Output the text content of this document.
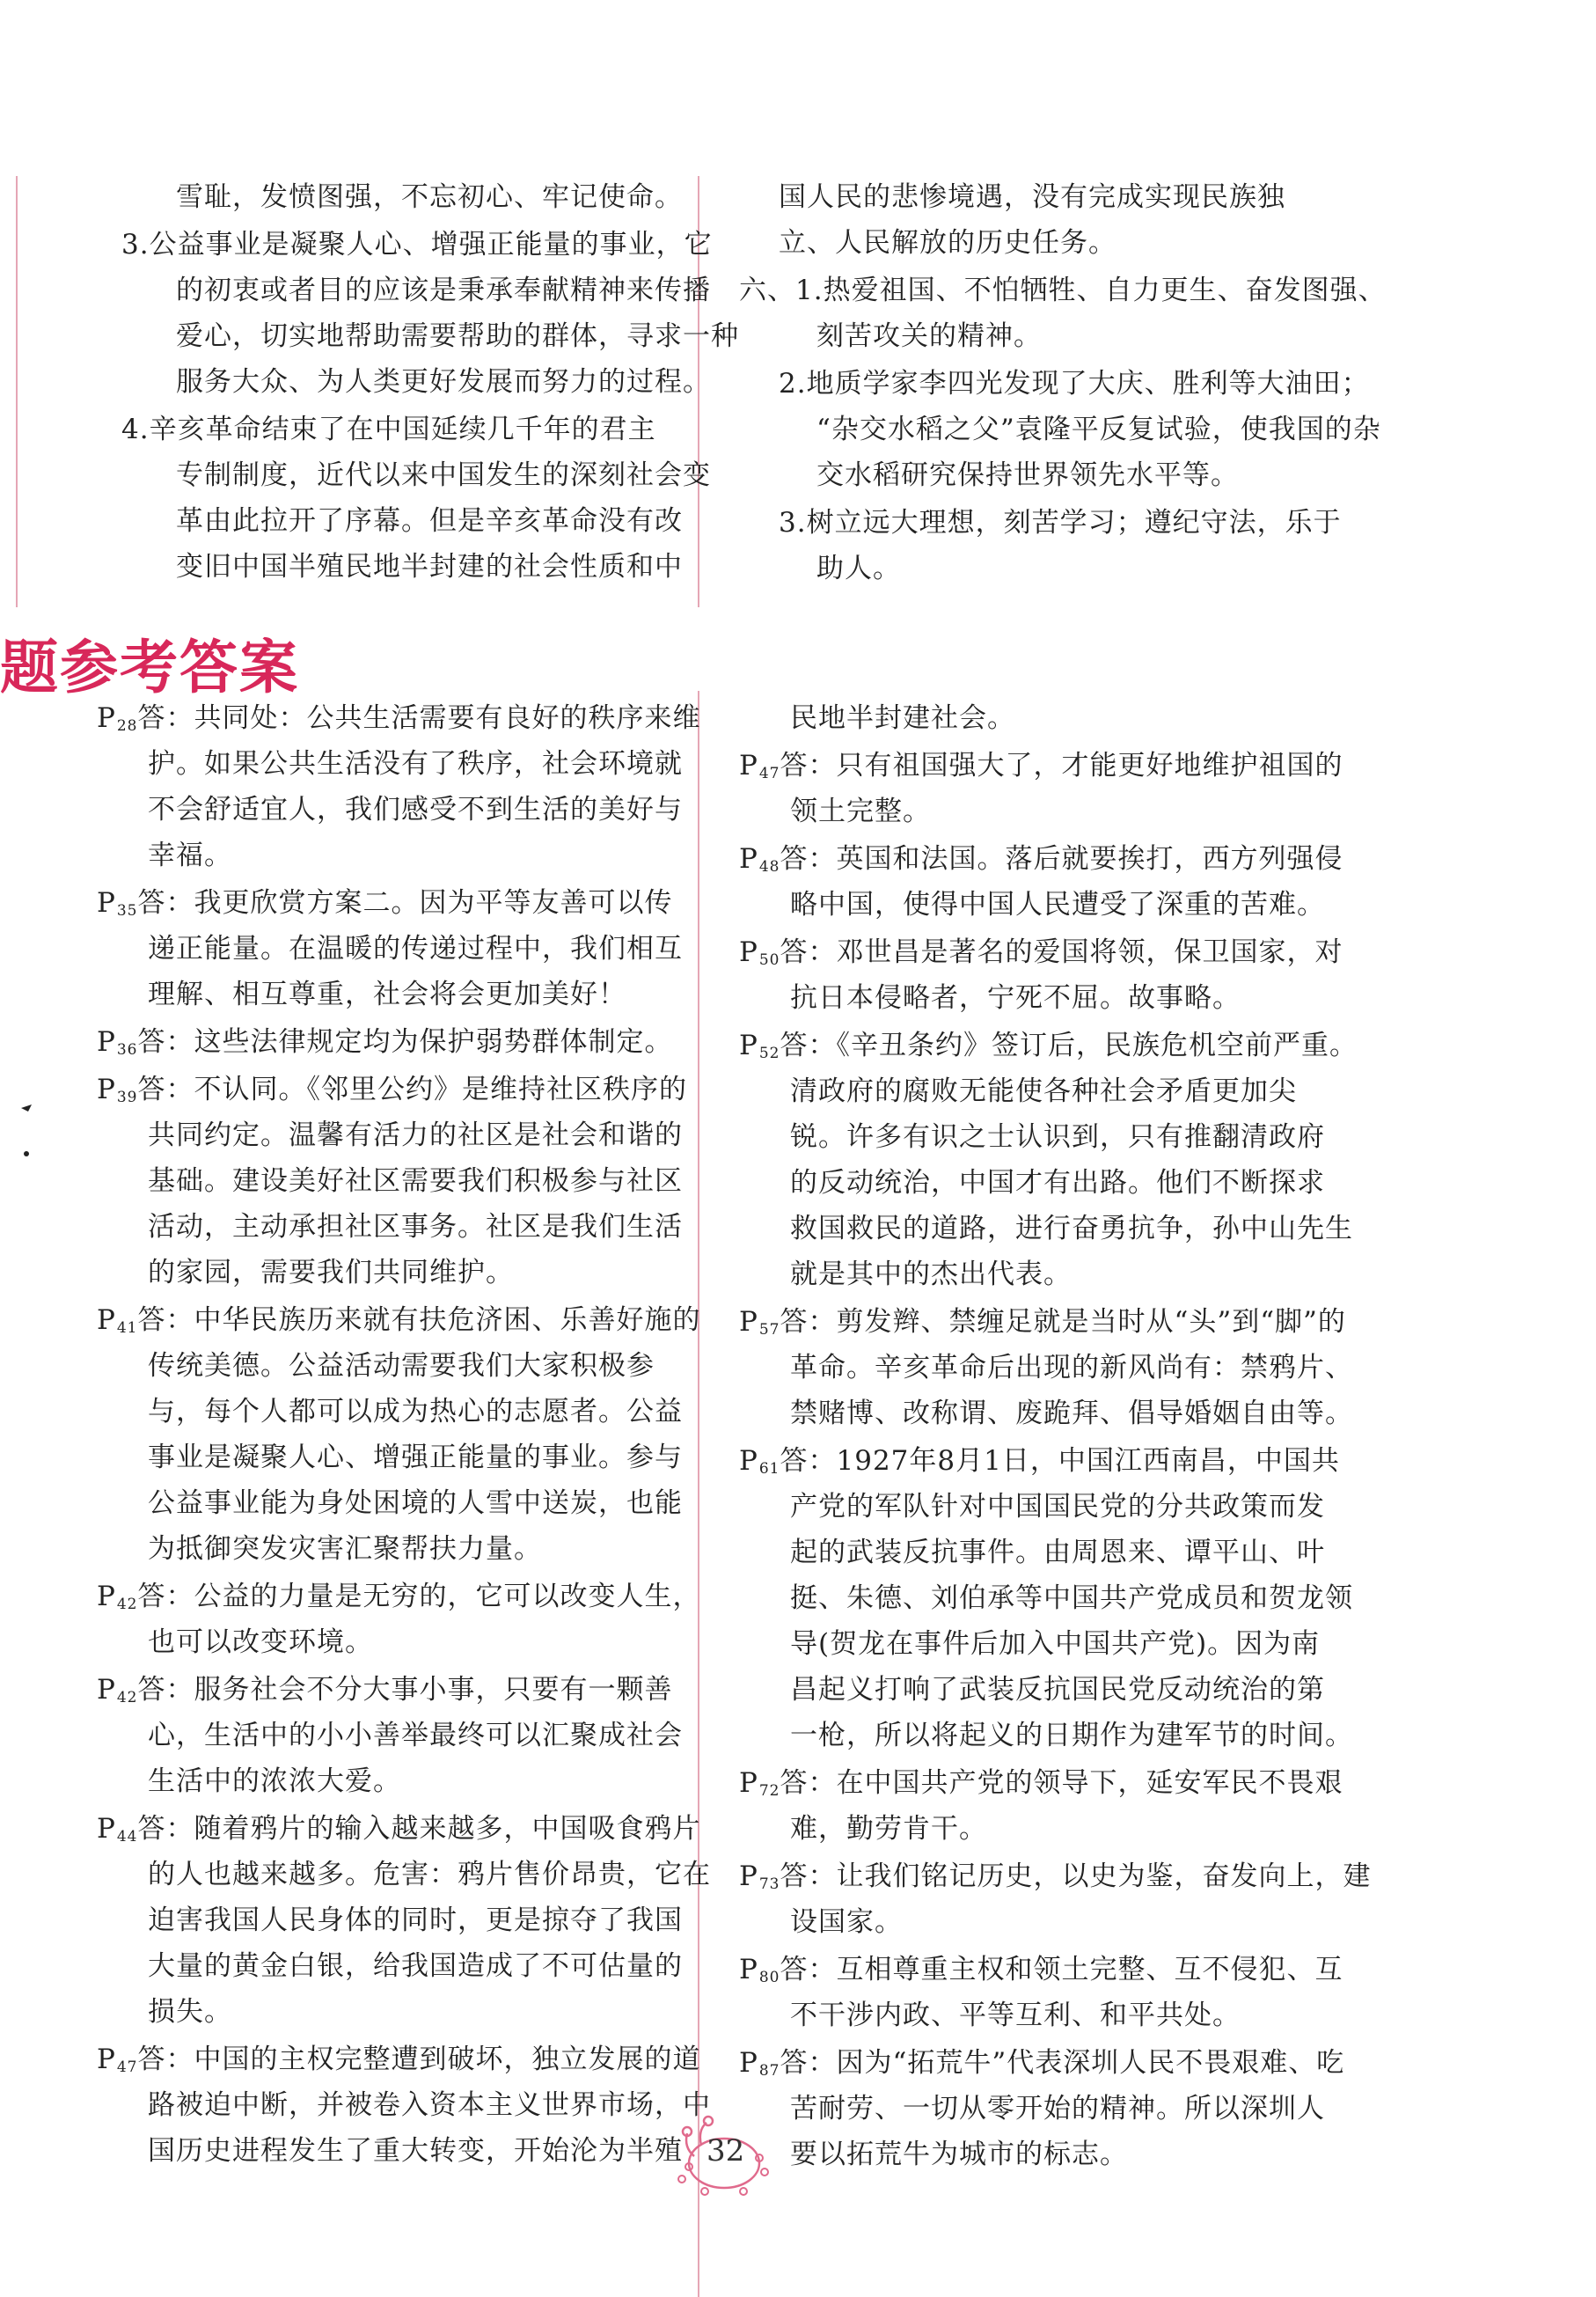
雪耻，发愤图强，不忘初心、牢记使命。
3.公益事业是凝聚人心、增强正能量的事业，它
的初衷或者目的应该是秉承奉献精神来传播
爱心，切实地帮助需要帮助的群体，寻求一种
服务大众、为人类更好发展而努力的过程。
4.辛亥革命结束了在中国延续几千年的君主
专制制度，近代以来中国发生的深刻社会变
革由此拉开了序幕。但是辛亥革命没有改
变旧中国半殖民地半封建的社会性质和中
国人民的悲惨境遇，没有完成实现民族独
立、人民解放的历史任务。
六、1.热爱祖国、不怕牺牲、自力更生、奋发图强、
刻苦攻关的精神。
2.地质学家李四光发现了大庆、胜利等大油田；
“杂交水稻之父”袁隆平反复试验，使我国的杂
交水稻研究保持世界领先水平等。
3.树立远大理想，刻苦学习；遵纪守法，乐于
助人。
题参考答案
$P_{28}$答：共同处：公共生活需要有良好的秩序来维
护。如果公共生活没有了秩序，社会环境就
不会舒适宜人，我们感受不到生活的美好与
幸福。
$P_{35}$答：我更欣赏方案二。因为平等友善可以传
递正能量。在温暖的传递过程中，我们相互
理解、相互尊重，社会将会更加美好！
$P_{36}$答：这些法律规定均为保护弱势群体制定。
$P_{39}$答：不认同。《邻里公约》是维持社区秩序的
共同约定。温馨有活力的社区是社会和谐的
基础。建设美好社区需要我们积极参与社区
活动，主动承担社区事务。社区是我们生活
的家园，需要我们共同维护。
$P_{41}$答：中华民族历来就有扶危济困、乐善好施的
传统美德。公益活动需要我们大家积极参
与，每个人都可以成为热心的志愿者。公益
事业是凝聚人心、增强正能量的事业。参与
公益事业能为身处困境的人雪中送炭，也能
为抵御突发灾害汇聚帮扶力量。
$P_{42}$答：公益的力量是无穷的，它可以改变人生，
也可以改变环境。
$P_{42}$答：服务社会不分大事小事，只要有一颗善
心，生活中的小小善举最终可以汇聚成社会
生活中的浓浓大爱。
$P_{44}$答：随着鸦片的输入越来越多，中国吸食鸦片
的人也越来越多。危害：鸦片售价昂贵，它在
迫害我国人民身体的同时，更是掠夺了我国
大量的黄金白银，给我国造成了不可估量的
损失。
$P_{47}$答：中国的主权完整遭到破坏，独立发展的道
路被迫中断，并被卷入资本主义世界市场，中
国历史进程发生了重大转变，开始沦为半殖
民地半封建社会。
$P_{47}$答：只有祖国强大了，才能更好地维护祖国的
领土完整。
$P_{48}$答：英国和法国。落后就要挨打，西方列强侵
略中国，使得中国人民遭受了深重的苦难。
$P_{50}$答：邓世昌是著名的爱国将领，保卫国家，对
抗日本侵略者，宁死不屈。故事略。
$P_{52}$答：《辛丑条约》签订后，民族危机空前严重。
清政府的腐败无能使各种社会矛盾更加尖
锐。许多有识之士认识到，只有推翻清政府
的反动统治，中国才有出路。他们不断探求
救国救民的道路，进行奋勇抗争，孙中山先生
就是其中的杰出代表。
$P_{57}$答：剪发辫、禁缠足就是当时从“头”到“脚”的
革命。辛亥革命后出现的新风尚有：禁鸦片、
禁赌博、改称谓、废跪拜、倡导婚姻自由等。
$P_{61}$答：1927年8月1日，中国江西南昌，中国共
产党的军队针对中国国民党的分共政策而发
起的武装反抗事件。由周恩来、谭平山、叶
挺、朱德、刘伯承等中国共产党成员和贺龙领
导(贺龙在事件后加入中国共产党)。因为南
昌起义打响了武装反抗国民党反动统治的第
一枪，所以将起义的日期作为建军节的时间。
$P_{72}$答：在中国共产党的领导下，延安军民不畏艰
难，勤劳肯干。
$P_{73}$答：让我们铭记历史，以史为鉴，奋发向上，建
设国家。
$P_{80}$答：互相尊重主权和领土完整、互不侵犯、互
不干涉内政、平等互利、和平共处。
$P_{87}$答：因为“拓荒牛”代表深圳人民不畏艰难、吃
苦耐劳、一切从零开始的精神。所以深圳人
要以拓荒牛为城市的标志。
32
